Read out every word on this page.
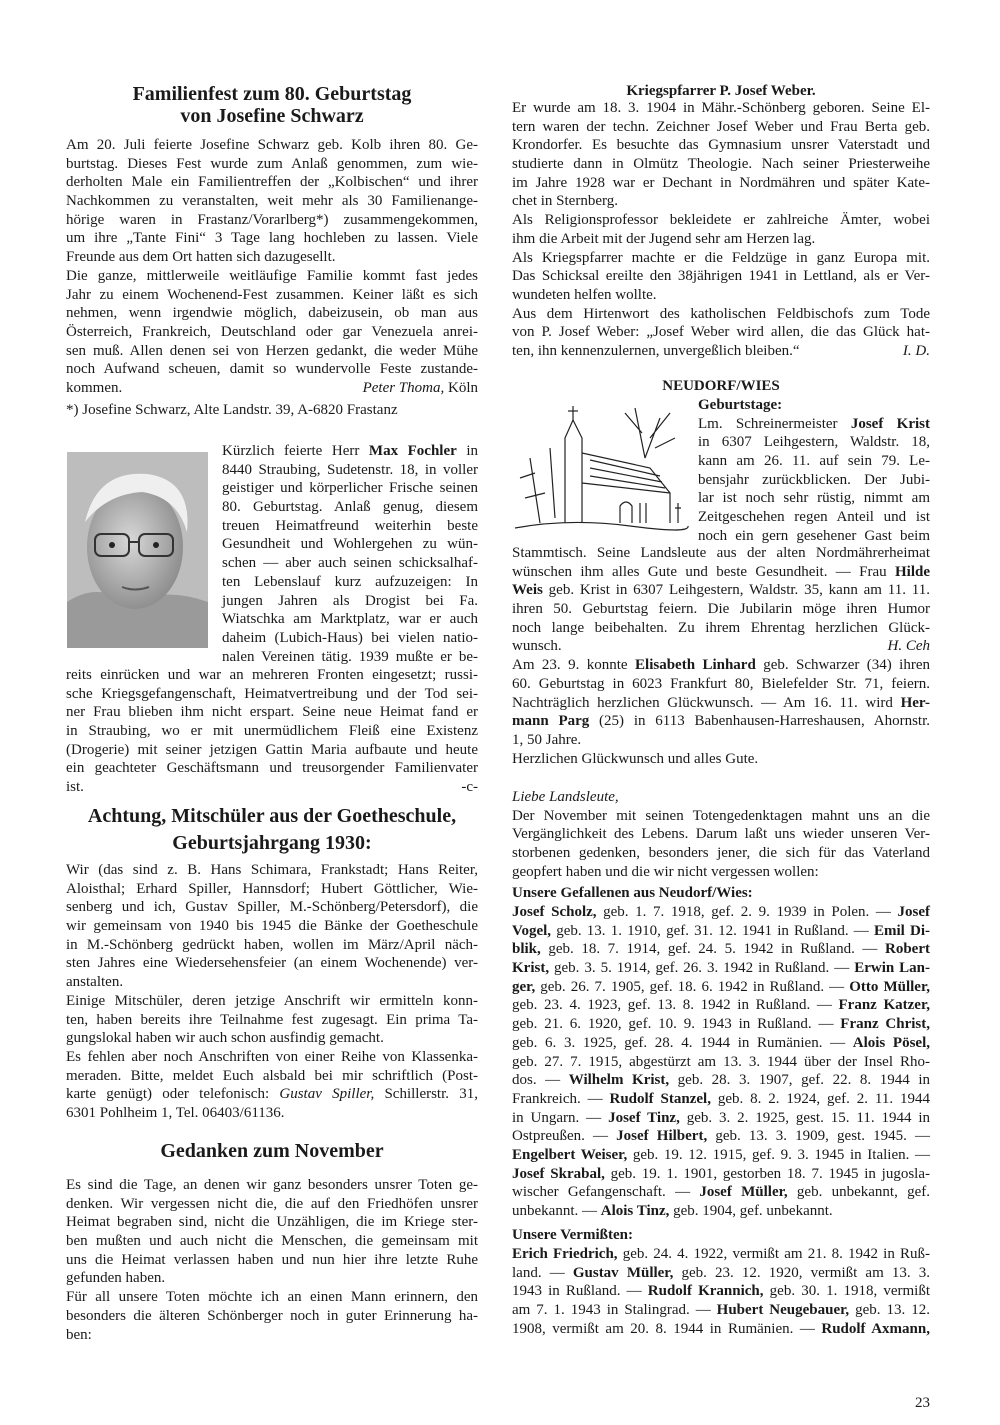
Familienfest zum 80. Geburtstag
von Josefine Schwarz
Am 20. Juli feierte Josefine Schwarz geb. Kolb ihren 80. Ge-
burtstag. Dieses Fest wurde zum Anlaß genommen, zum wie-
derholten Male ein Familientreffen der „Kolbischen“ und ihrer
Nachkommen zu veranstalten, weit mehr als 30 Familienange-
hörige waren in Frastanz/Vorarlberg*) zusammengekommen,
um ihre „Tante Fini“ 3 Tage lang hochleben zu lassen. Viele
Freunde aus dem Ort hatten sich dazugesellt.
Die ganze, mittlerweile weitläufige Familie kommt fast jedes
Jahr zu einem Wochenend-Fest zusammen. Keiner läßt es sich
nehmen, wenn irgendwie möglich, dabeizusein, ob man aus
Österreich, Frankreich, Deutschland oder gar Venezuela anrei-
sen muß. Allen denen sei von Herzen gedankt, die weder Mühe
noch Aufwand scheuen, damit so wundervolle Feste zustande-
kommen.	Peter Thoma, Köln
*) Josefine Schwarz, Alte Landstr. 39, A-6820 Frastanz
Kürzlich feierte Herr Max Fochler in
8440 Straubing, Sudetenstr. 18, in voller
geistiger und körperlicher Frische seinen
80. Geburtstag. Anlaß genug, diesem
treuen Heimatfreund weiterhin beste
Gesundheit und Wohlergehen zu wün-
schen — aber auch seinen schicksalhaf-
ten Lebenslauf kurz aufzuzeigen: In
jungen Jahren als Drogist bei Fa.
Wiatschka am Marktplatz, war er auch
daheim (Lubich-Haus) bei vielen natio-
nalen Vereinen tätig. 1939 mußte er be-
reits einrücken und war an mehreren Fronten eingesetzt; russi-
sche Kriegsgefangenschaft, Heimatvertreibung und der Tod sei-
ner Frau blieben ihm nicht erspart. Seine neue Heimat fand er
in Straubing, wo er mit unermüdlichem Fleiß eine Existenz
(Drogerie) mit seiner jetzigen Gattin Maria aufbaute und heute
ein geachteter Geschäftsmann und treusorgender Familienvater
ist.	-c-
Achtung, Mitschüler aus der Goetheschule,
Geburtsjahrgang 1930:
Wir (das sind z. B. Hans Schimara, Frankstadt; Hans Reiter,
Aloisthal; Erhard Spiller, Hannsdorf; Hubert Göttlicher, Wie-
senberg und ich, Gustav Spiller, M.-Schönberg/Petersdorf), die
wir gemeinsam von 1940 bis 1945 die Bänke der Goetheschule
in M.-Schönberg gedrückt haben, wollen im März/April näch-
sten Jahres eine Wiedersehensfeier (an einem Wochenende) ver-
anstalten.
Einige Mitschüler, deren jetzige Anschrift wir ermitteln konn-
ten, haben bereits ihre Teilnahme fest zugesagt. Ein prima Ta-
gungslokal haben wir auch schon ausfindig gemacht.
Es fehlen aber noch Anschriften von einer Reihe von Klassenka-
meraden. Bitte, meldet Euch alsbald bei mir schriftlich (Post-
karte genügt) oder telefonisch: Gustav Spiller, Schillerstr. 31,
6301 Pohlheim 1, Tel. 06403/61136.
Gedanken zum November
Es sind die Tage, an denen wir ganz besonders unsrer Toten ge-
denken. Wir vergessen nicht die, die auf den Friedhöfen unsrer
Heimat begraben sind, nicht die Unzähligen, die im Kriege ster-
ben mußten und auch nicht die Menschen, die gemeinsam mit
uns die Heimat verlassen haben und nun hier ihre letzte Ruhe
gefunden haben.
Für all unsere Toten möchte ich an einen Mann erinnern, den
besonders die älteren Schönberger noch in guter Erinnerung ha-
ben:
Kriegspfarrer P. Josef Weber.
Er wurde am 18. 3. 1904 in Mähr.-Schönberg geboren. Seine El-
tern waren der techn. Zeichner Josef Weber und Frau Berta geb.
Krondorfer. Es besuchte das Gymnasium unsrer Vaterstadt und
studierte dann in Olmütz Theologie. Nach seiner Priesterweihe
im Jahre 1928 war er Dechant in Nordmähren und später Kate-
chet in Sternberg.
Als Religionsprofessor bekleidete er zahlreiche Ämter, wobei
ihm die Arbeit mit der Jugend sehr am Herzen lag.
Als Kriegspfarrer machte er die Feldzüge in ganz Europa mit.
Das Schicksal ereilte den 38jährigen 1941 in Lettland, als er Ver-
wundeten helfen wollte.
Aus dem Hirtenwort des katholischen Feldbischofs zum Tode
von P. Josef Weber: „Josef Weber wird allen, die das Glück hat-
ten, ihn kennenzulernen, unvergeßlich bleiben.“	I. D.
NEUDORF/WIES
Geburtstage:
Lm. Schreinermeister Josef Krist
in 6307 Leihgestern, Waldstr. 18,
kann am 26. 11. auf sein 79. Le-
bensjahr zurückblicken. Der Jubi-
lar ist noch sehr rüstig, nimmt am
Zeitgeschehen regen Anteil und ist
noch ein gern gesehener Gast beim
Stammtisch. Seine Landsleute aus der alten Nordmährerheimat
wünschen ihm alles Gute und beste Gesundheit. — Frau Hilde
Weis geb. Krist in 6307 Leihgestern, Waldstr. 35, kann am 11. 11.
ihren 50. Geburtstag feiern. Die Jubilarin möge ihren Humor
noch lange beibehalten. Zu ihrem Ehrentag herzlichen Glück-
wunsch.	H. Ceh
Am 23. 9. konnte Elisabeth Linhard geb. Schwarzer (34) ihren
60. Geburtstag in 6023 Frankfurt 80, Bielefelder Str. 71, feiern.
Nachträglich herzlichen Glückwunsch. — Am 16. 11. wird Her-
mann Parg (25) in 6113 Babenhausen-Harreshausen, Ahornstr.
1, 50 Jahre.
Herzlichen Glückwunsch und alles Gute.
Liebe Landsleute,
Der November mit seinen Totengedenktagen mahnt uns an die
Vergänglichkeit des Lebens. Darum laßt uns wieder unseren Ver-
storbenen gedenken, besonders jener, die sich für das Vaterland
geopfert haben und die wir nicht vergessen wollen:
Unsere Gefallenen aus Neudorf/Wies:
Josef Scholz, geb. 1. 7. 1918, gef. 2. 9. 1939 in Polen. — Josef
Vogel, geb. 13. 1. 1910, gef. 31. 12. 1941 in Rußland. — Emil Di-
blik, geb. 18. 7. 1914, gef. 24. 5. 1942 in Rußland. — Robert
Krist, geb. 3. 5. 1914, gef. 26. 3. 1942 in Rußland. — Erwin Lan-
ger, geb. 26. 7. 1905, gef. 18. 6. 1942 in Rußland. — Otto Müller,
geb. 23. 4. 1923, gef. 13. 8. 1942 in Rußland. — Franz Katzer,
geb. 21. 6. 1920, gef. 10. 9. 1943 in Rußland. — Franz Christ,
geb. 6. 3. 1925, gef. 28. 4. 1944 in Rumänien. — Alois Pösel,
geb. 27. 7. 1915, abgestürzt am 13. 3. 1944 über der Insel Rho-
dos. — Wilhelm Krist, geb. 28. 3. 1907, gef. 22. 8. 1944 in
Frankreich. — Rudolf Stanzel, geb. 8. 2. 1924, gef. 2. 11. 1944
in Ungarn. — Josef Tinz, geb. 3. 2. 1925, gest. 15. 11. 1944 in
Ostpreußen. — Josef Hilbert, geb. 13. 3. 1909, gest. 1945. —
Engelbert Weiser, geb. 19. 12. 1915, gef. 9. 3. 1945 in Italien. —
Josef Skrabal, geb. 19. 1. 1901, gestorben 18. 7. 1945 in jugosla-
wischer Gefangenschaft. — Josef Müller, geb. unbekannt, gef.
unbekannt. — Alois Tinz, geb. 1904, gef. unbekannt.
Unsere Vermißten:
Erich Friedrich, geb. 24. 4. 1922, vermißt am 21. 8. 1942 in Ruß-
land. — Gustav Müller, geb. 23. 12. 1920, vermißt am 13. 3.
1943 in Rußland. — Rudolf Krannich, geb. 30. 1. 1918, vermißt
am 7. 1. 1943 in Stalingrad. — Hubert Neugebauer, geb. 13. 12.
1908, vermißt am 20. 8. 1944 in Rumänien. — Rudolf Axmann,
23
